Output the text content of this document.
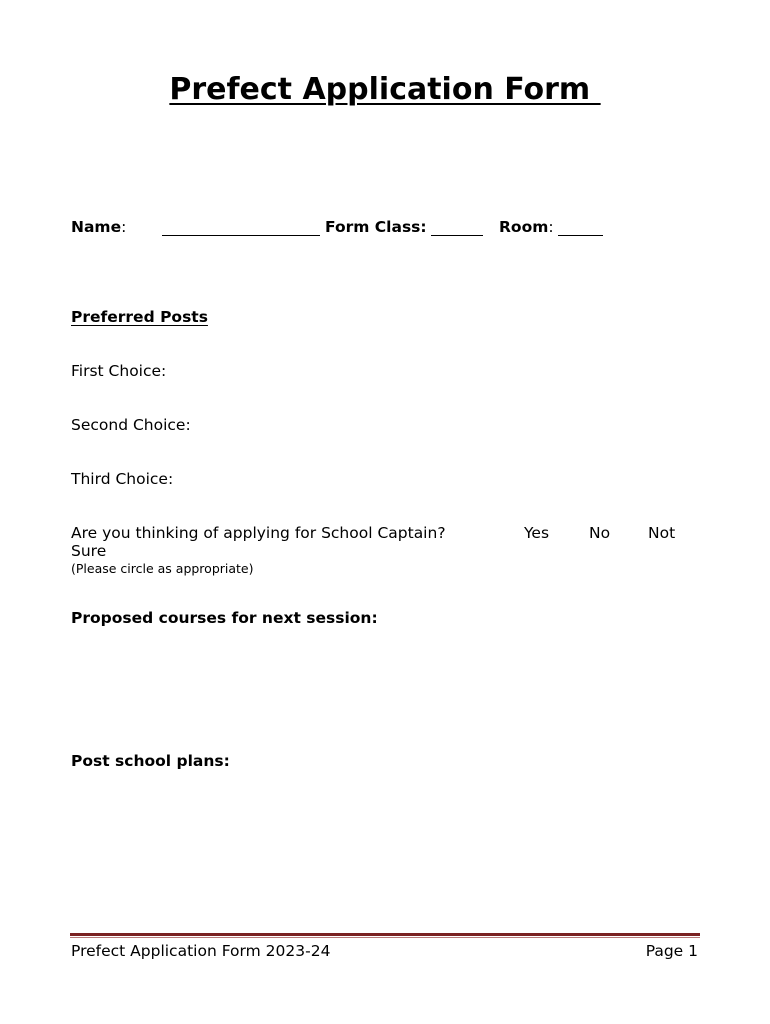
Prefect Application Form
Name:	Form Class:	Room:
Preferred Posts
First Choice:
Second Choice:
Third Choice:
Are you thinking of applying for School Captain?	Yes	No Not
Sure
(Please circle as appropriate)
Proposed courses for next session:
Post school plans:
Prefect Application Form 2023-24	Page 1
